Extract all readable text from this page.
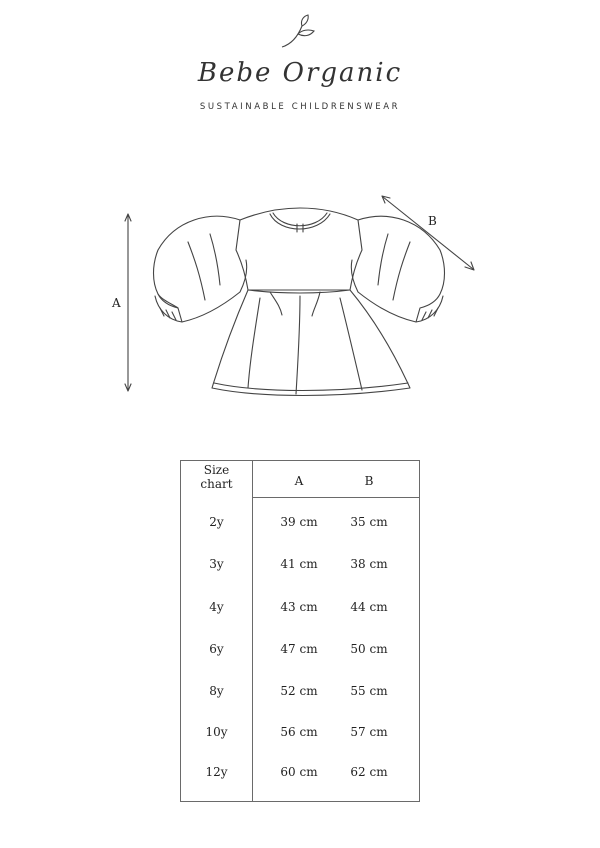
Bebe Organic
SUSTAINABLE CHILDRENSWEAR
A
B
Size
chart	A	B
2y	39 cm	35 cm
3y	41 cm	38 cm
4y	43 cm	44 cm
6y	47 cm	50 cm
8y	52 cm	55 cm
10y	56 cm	57 cm
12y	60 cm	62 cm
